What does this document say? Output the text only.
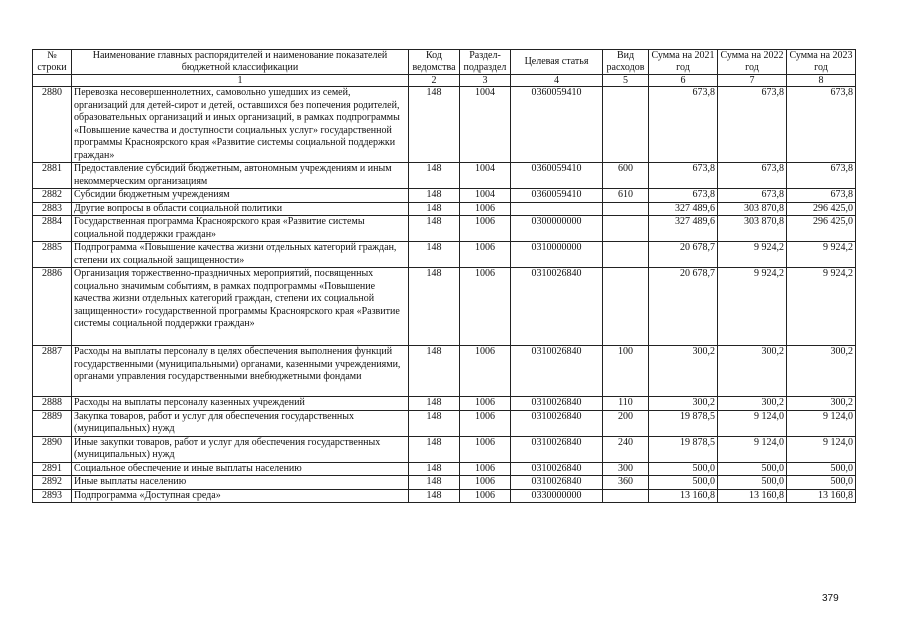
№ строки	Наименование главных распорядителей и наименование показателей бюджетной классификации	Код ведомства	Раздел-подраздел	Целевая статья	Вид расходов	Сумма на 2021 год	Сумма на 2022 год	Сумма на 2023 год
	1	2	3	4	5	6	7	8
2880	Перевозка несовершеннолетних, самовольно ушедших из семей, организаций для детей-сирот и детей, оставшихся без попечения родителей, образовательных организаций и иных организаций, в рамках подпрограммы «Повышение качества и доступности социальных услуг» государственной программы Красноярского края «Развитие системы социальной поддержки граждан»	148	1004	0360059410		673,8	673,8	673,8
2881	Предоставление субсидий бюджетным, автономным учреждениям и иным некоммерческим организациям	148	1004	0360059410	600	673,8	673,8	673,8
2882	Субсидии бюджетным учреждениям	148	1004	0360059410	610	673,8	673,8	673,8
2883	Другие вопросы в области социальной политики	148	1006			327 489,6	303 870,8	296 425,0
2884	Государственная программа Красноярского края «Развитие системы социальной поддержки граждан»	148	1006	0300000000		327 489,6	303 870,8	296 425,0
2885	Подпрограмма «Повышение качества жизни отдельных категорий граждан, степени их социальной защищенности»	148	1006	0310000000		20 678,7	9 924,2	9 924,2
2886	Организация торжественно-праздничных мероприятий, посвященных социально значимым событиям, в рамках подпрограммы «Повышение качества жизни отдельных категорий граждан, степени их социальной защищенности» государственной программы Красноярского края «Развитие системы социальной поддержки граждан»	148	1006	0310026840		20 678,7	9 924,2	9 924,2
2887	Расходы на выплаты персоналу в целях обеспечения выполнения функций государственными (муниципальными) органами, казенными учреждениями, органами управления государственными внебюджетными фондами	148	1006	0310026840	100	300,2	300,2	300,2
2888	Расходы на выплаты персоналу казенных учреждений	148	1006	0310026840	110	300,2	300,2	300,2
2889	Закупка товаров, работ и услуг для обеспечения государственных (муниципальных) нужд	148	1006	0310026840	200	19 878,5	9 124,0	9 124,0
2890	Иные закупки товаров, работ и услуг для обеспечения государственных (муниципальных) нужд	148	1006	0310026840	240	19 878,5	9 124,0	9 124,0
2891	Социальное обеспечение и иные выплаты населению	148	1006	0310026840	300	500,0	500,0	500,0
2892	Иные выплаты населению	148	1006	0310026840	360	500,0	500,0	500,0
2893	Подпрограмма «Доступная среда»	148	1006	0330000000		13 160,8	13 160,8	13 160,8
379
